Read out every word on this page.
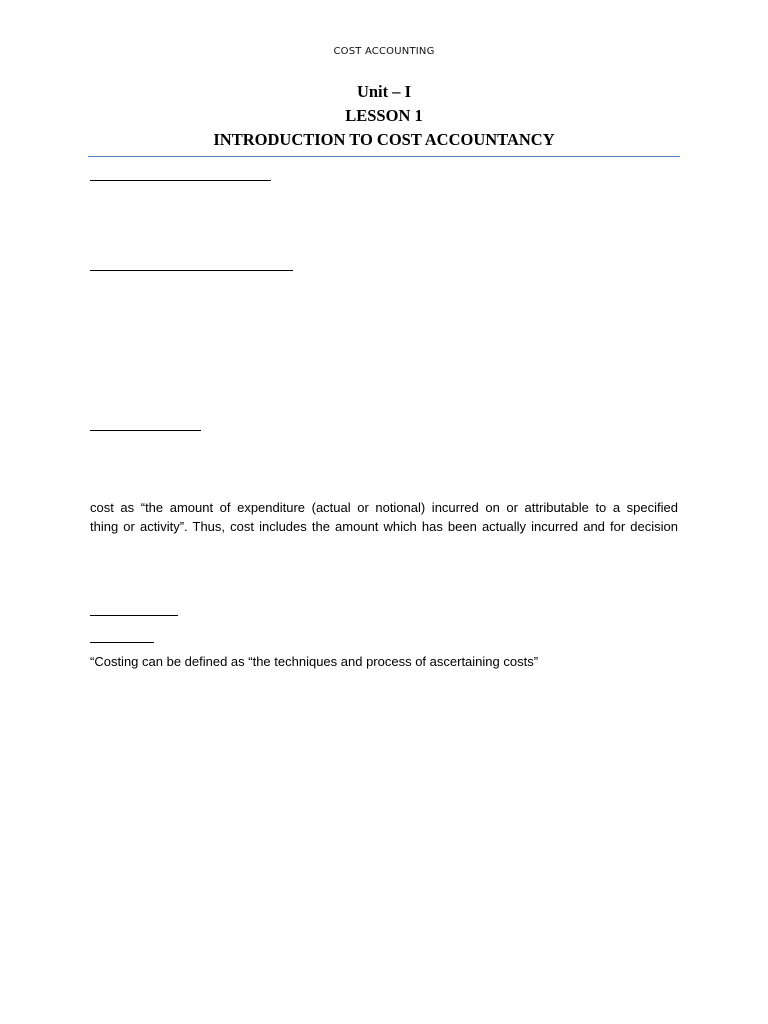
COST ACCOUNTING
Unit – I
LESSON 1
INTRODUCTION TO COST ACCOUNTANCY
cost as “the amount of expenditure (actual or notional) incurred on or attributable to a specified
thing or activity”. Thus, cost includes the amount which has been actually incurred and for decision
“Costing can be defined as “the techniques and process of ascertaining costs”
